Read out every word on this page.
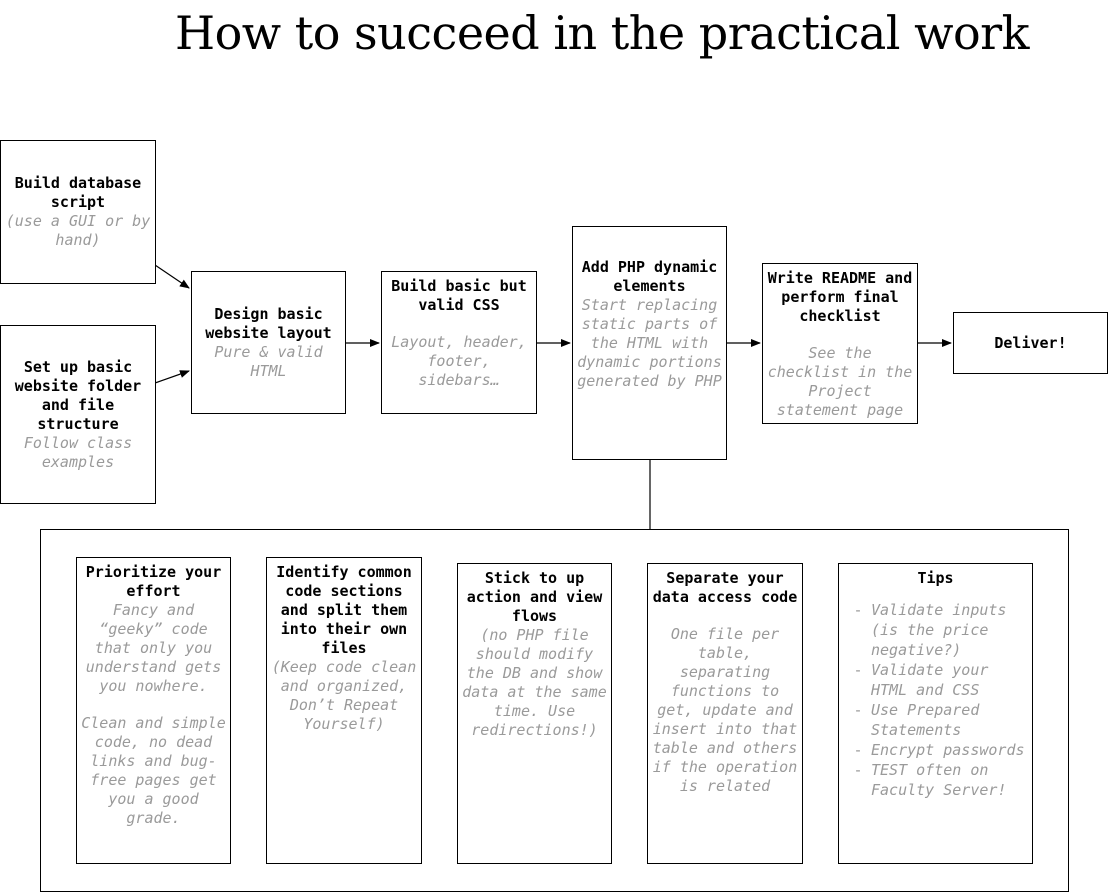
How to succeed in the practical work
Build database script
(use a GUI or by hand)
Set up basic website folder and file structure
Follow class examples
Design basic website layout
Pure & valid HTML
Build basic but valid CSS
Layout, header, footer, sidebars…
Add PHP dynamic elements
Start replacing static parts of the HTML with dynamic portions generated by PHP
Write README and perform final checklist
See the checklist in the Project statement page
Deliver!
Prioritize your effort
Fancy and “geeky” code that only you understand gets you nowhere.
Clean and simple code, no dead links and bug-free pages get you a good grade.
Identify common code sections and split them into their own files
(Keep code clean and organized, Don’t Repeat Yourself)
Stick to up action and view flows
(no PHP file should modify the DB and show data at the same time. Use redirections!)
Separate your data access code
One file per table, separating functions to get, update and insert into that table and others if the operation is related
Tips
- Validate inputs (is the price negative?)
- Validate your HTML and CSS
- Use Prepared Statements
- Encrypt passwords
- TEST often on Faculty Server!
